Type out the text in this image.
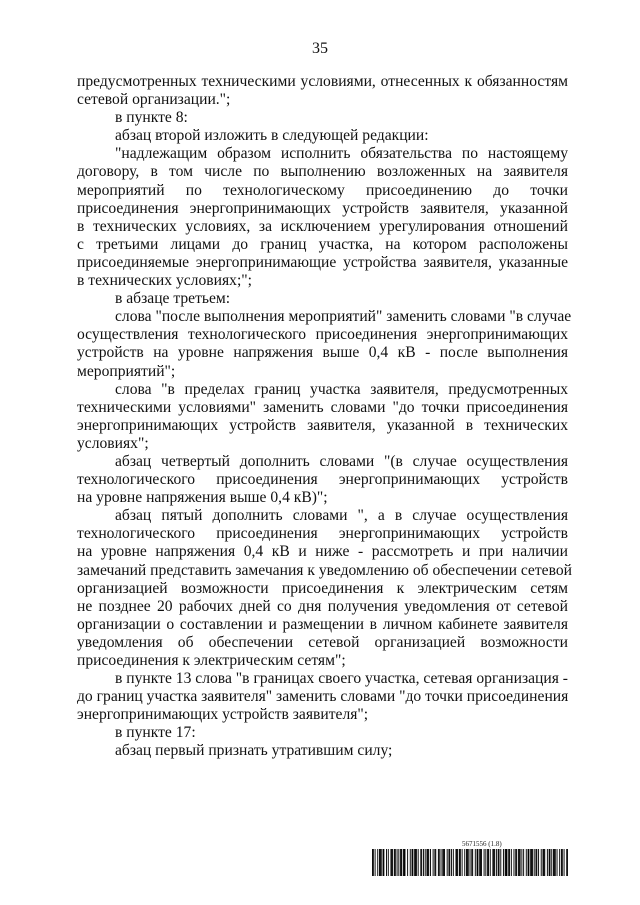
35
предусмотренных техническими условиями, отнесенных к обязанностям
сетевой организации.";
в пункте 8:
абзац второй изложить в следующей редакции:
"надлежащим образом исполнить обязательства по настоящему
договору, в том числе по выполнению возложенных на заявителя
мероприятий по технологическому присоединению до точки
присоединения энергопринимающих устройств заявителя, указанной
в технических условиях, за исключением урегулирования отношений
с третьими лицами до границ участка, на котором расположены
присоединяемые энергопринимающие устройства заявителя, указанные
в технических условиях;";
в абзаце третьем:
слова "после выполнения мероприятий" заменить словами "в случае
осуществления технологического присоединения энергопринимающих
устройств на уровне напряжения выше 0,4 кВ - после выполнения
мероприятий";
слова "в пределах границ участка заявителя, предусмотренных
техническими условиями" заменить словами "до точки присоединения
энергопринимающих устройств заявителя, указанной в технических
условиях";
абзац четвертый дополнить словами "(в случае осуществления
технологического присоединения энергопринимающих устройств
на уровне напряжения выше 0,4 кВ)";
абзац пятый дополнить словами ", а в случае осуществления
технологического присоединения энергопринимающих устройств
на уровне напряжения 0,4 кВ и ниже - рассмотреть и при наличии
замечаний представить замечания к уведомлению об обеспечении сетевой
организацией возможности присоединения к электрическим сетям
не позднее 20 рабочих дней со дня получения уведомления от сетевой
организации о составлении и размещении в личном кабинете заявителя
уведомления об обеспечении сетевой организацией возможности
присоединения к электрическим сетям";
в пункте 13 слова "в границах своего участка, сетевая организация -
до границ участка заявителя" заменить словами "до точки присоединения
энергопринимающих устройств заявителя";
в пункте 17:
абзац первый признать утратившим силу;
5671556 (1.8)
